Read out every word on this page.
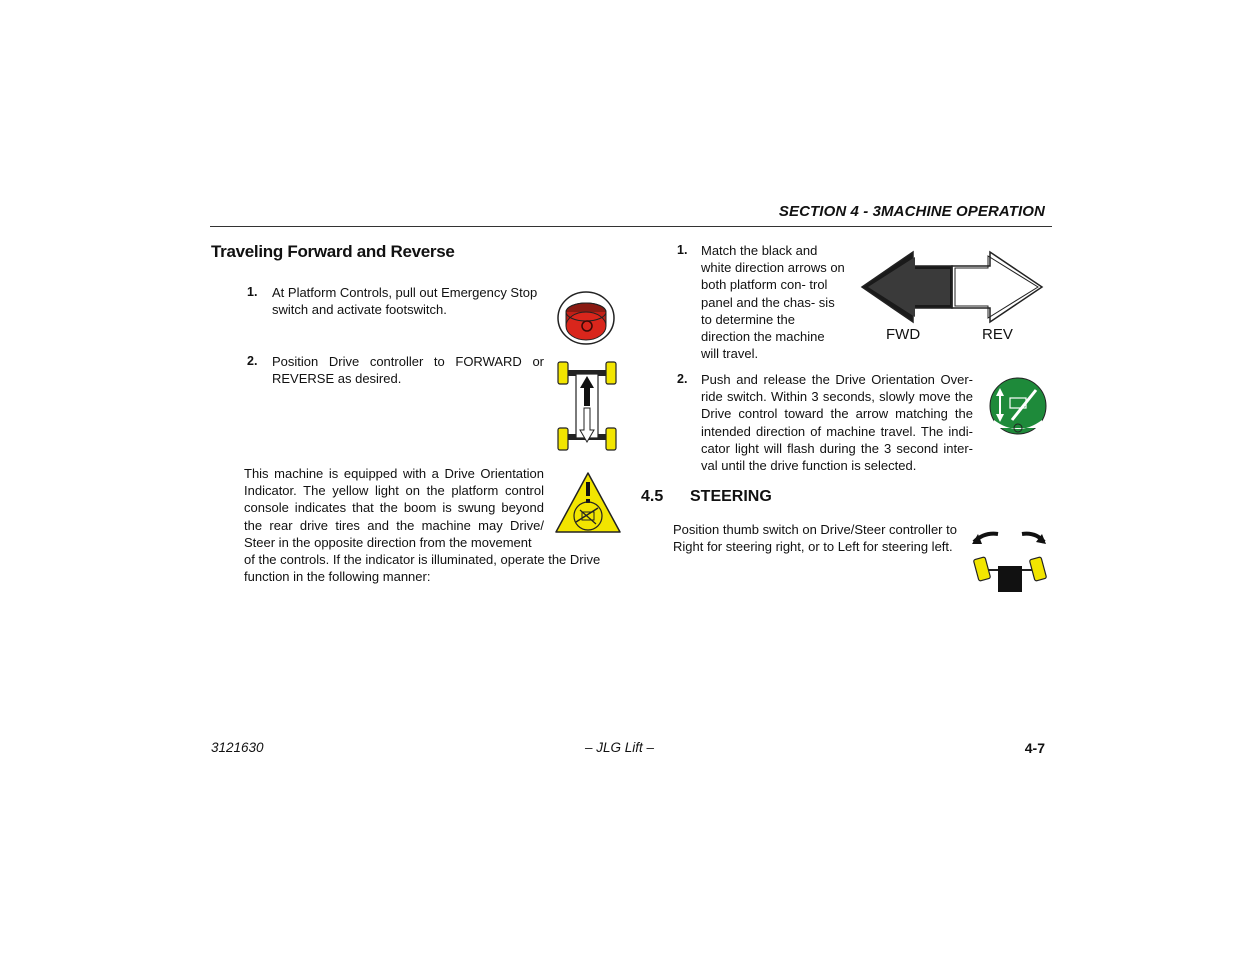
SECTION 4 - 3MACHINE OPERATION
Traveling Forward and Reverse
1. At Platform Controls, pull out Emergency Stop switch and activate footswitch.
2. Position Drive controller to FORWARD or REVERSE as desired.
This machine is equipped with a Drive Orientation Indicator. The yellow light on the platform control console indicates that the boom is swung beyond the rear drive tires and the machine may Drive/ Steer in the opposite direction from the movement
of the controls. If the indicator is illuminated, operate the Drive function in the following manner:
1. Match the black and white direction arrows on both platform con- trol panel and the chas- sis to determine the direction the machine will travel.
FWD	REV
2. Push and release the Drive Orientation Over- ride switch. Within 3 seconds, slowly move the Drive control toward the arrow matching the intended direction of machine travel. The indi- cator light will flash during the 3 second inter- val until the drive function is selected.
4.5 STEERING
Position thumb switch on Drive/Steer controller to Right for steering right, or to Left for steering left.
3121630	– JLG Lift –	4-7
